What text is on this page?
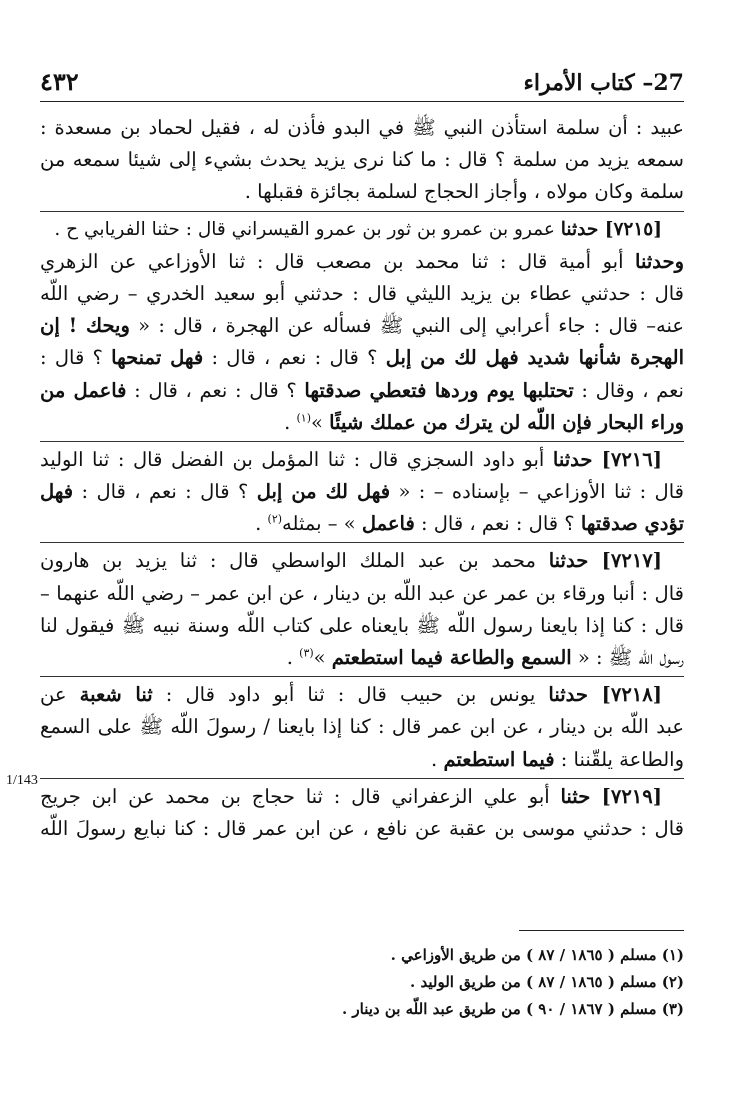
27– كتاب الأمراء
٤٣٢
عبيد : أن سلمة استأذن النبي ﷺ في البدو فأذن له ، فقيل لحماد بن مسعدة :
سمعه يزيد من سلمة ؟ قال : ما كنا نرى يزيد يحدث بشيء إلى شيئا سمعه من
سلمة وكان مولاه ، وأجاز الحجاج لسلمة بجائزة فقبلها .
[٧٢١٥] حدثنا عمرو بن عمرو بن ثور بن عمرو القيسراني قال : حثنا الفريابي ح .
وحدثنا أبو أمية قال : ثنا محمد بن مصعب قال : ثنا الأوزاعي عن الزهري
قال : حدثني عطاء بن يزيد الليثي قال : حدثني أبو سعيد الخدري – رضي اللّه
عنه– قال : جاء أعرابي إلى النبي ﷺ فسأله عن الهجرة ، قال : « ويحك ! إن
الهجرة شأنها شديد فهل لك من إبل ؟ قال : نعم ، قال : فهل تمنحها ؟ قال :
نعم ، وقال : تحتلبها يوم وردها فتعطي صدقتها ؟ قال : نعم ، قال : فاعمل من
وراء البحار فإن اللّه لن يترك من عملك شيئًا »$^{(١)}$ .
[٧٢١٦] حدثنا أبو داود السجزي قال : ثنا المؤمل بن الفضل قال : ثنا الوليد
قال : ثنا الأوزاعي – بإسناده – : « فهل لك من إبل ؟ قال : نعم ، قال : فهل
تؤدي صدقتها ؟ قال : نعم ، قال : فاعمل » – بمثله$^{(٢)}$ .
[٧٢١٧] حدثنا محمد بن عبد الملك الواسطي قال : ثنا يزيد بن هارون
قال : أنبا ورقاء بن عمر عن عبد اللّه بن دينار ، عن ابن عمر – رضي اللّه عنهما –
قال : كنا إذا بايعنا رسول اللّه ﷺ بايعناه على كتاب اللّه وسنة نبيه ﷺ فيقول لنا
رسول اللّه ﷺ : « السمع والطاعة فيما استطعتم »$^{(٣)}$ .
[٧٢١٨] حدثنا يونس بن حبيب قال : ثنا أبو داود قال : ثنا شعبة عن
عبد اللّه بن دينار ، عن ابن عمر قال : كنا إذا بايعنا / رسولَ اللّه ﷺ على السمع
والطاعة يلقّننا : فيما استطعتم .
[٧٢١٩] حثنا أبو علي الزعفراني قال : ثنا حجاج بن محمد عن ابن جريج
قال : حدثني موسى بن عقبة عن نافع ، عن ابن عمر قال : كنا نبايع رسولَ اللّه
1/143
(١) مسلم ( ١٨٦٥ / ٨٧ ) من طريق الأوزاعي .
(٢) مسلم ( ١٨٦٥ / ٨٧ ) من طريق الوليد .
(٣) مسلم ( ١٨٦٧ / ٩٠ ) من طريق عبد اللّه بن دينار .
